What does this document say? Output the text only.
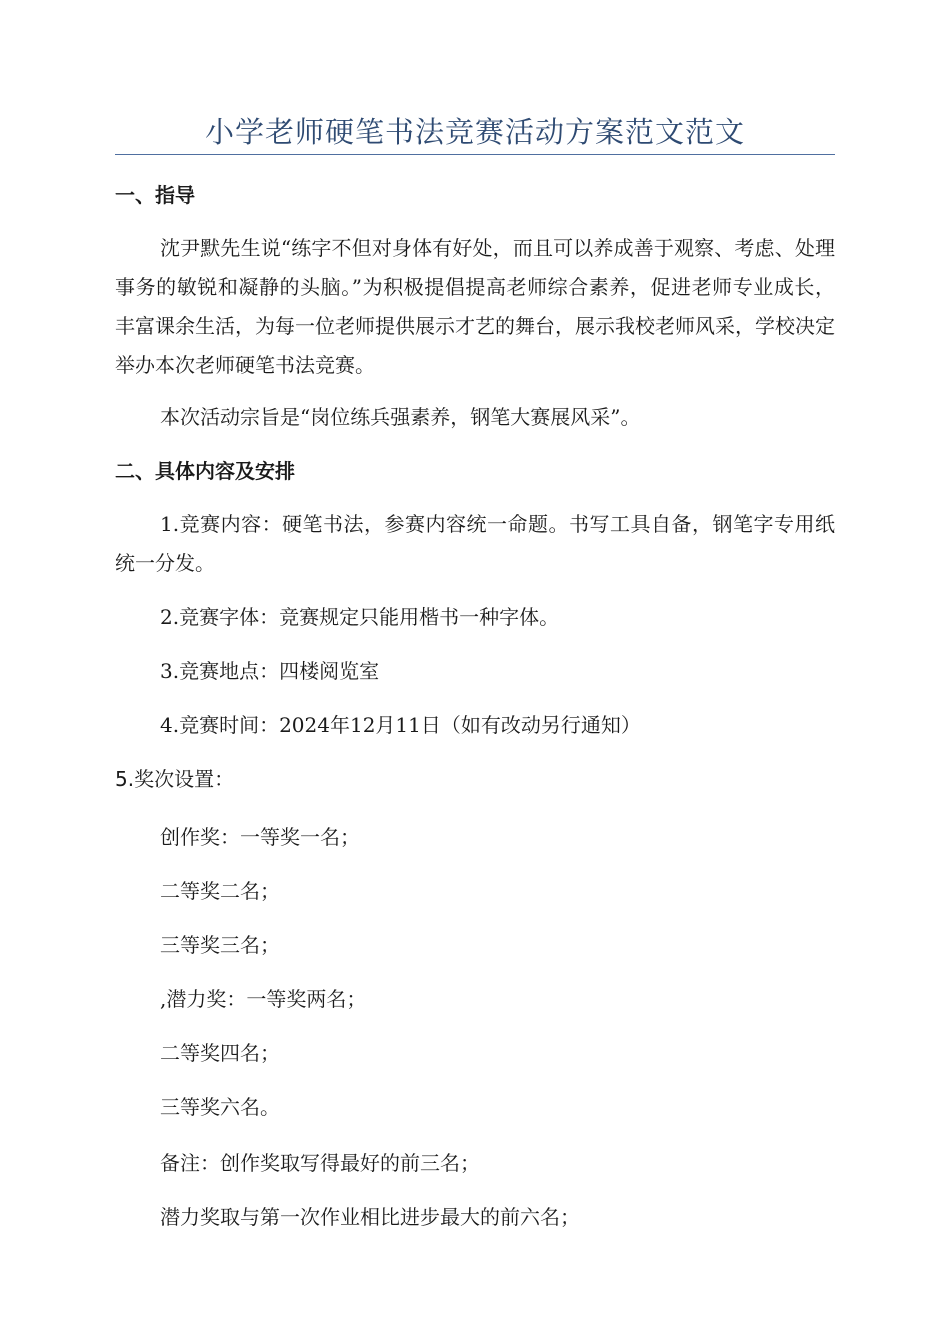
小学老师硬笔书法竞赛活动方案范文范文
一、指导
沈尹默先生说“练字不但对身体有好处，而且可以养成善于观察、考虑、处理事务的敏锐和凝静的头脑。”为积极提倡提高老师综合素养，促进老师专业成长，丰富课余生活，为每一位老师提供展示才艺的舞台，展示我校老师风采，学校决定举办本次老师硬笔书法竞赛。
本次活动宗旨是“岗位练兵强素养，钢笔大赛展风采”。
二、具体内容及安排
1.竞赛内容：硬笔书法，参赛内容统一命题。书写工具自备，钢笔字专用纸统一分发。
2.竞赛字体：竞赛规定只能用楷书一种字体。
3.竞赛地点：四楼阅览室
4.竞赛时间：2024年12月11日（如有改动另行通知）
5.奖次设置：
创作奖：一等奖一名；
二等奖二名；
三等奖三名；
,潜力奖：一等奖两名；
二等奖四名；
三等奖六名。
备注：创作奖取写得最好的前三名；
潜力奖取与第一次作业相比进步最大的前六名；
